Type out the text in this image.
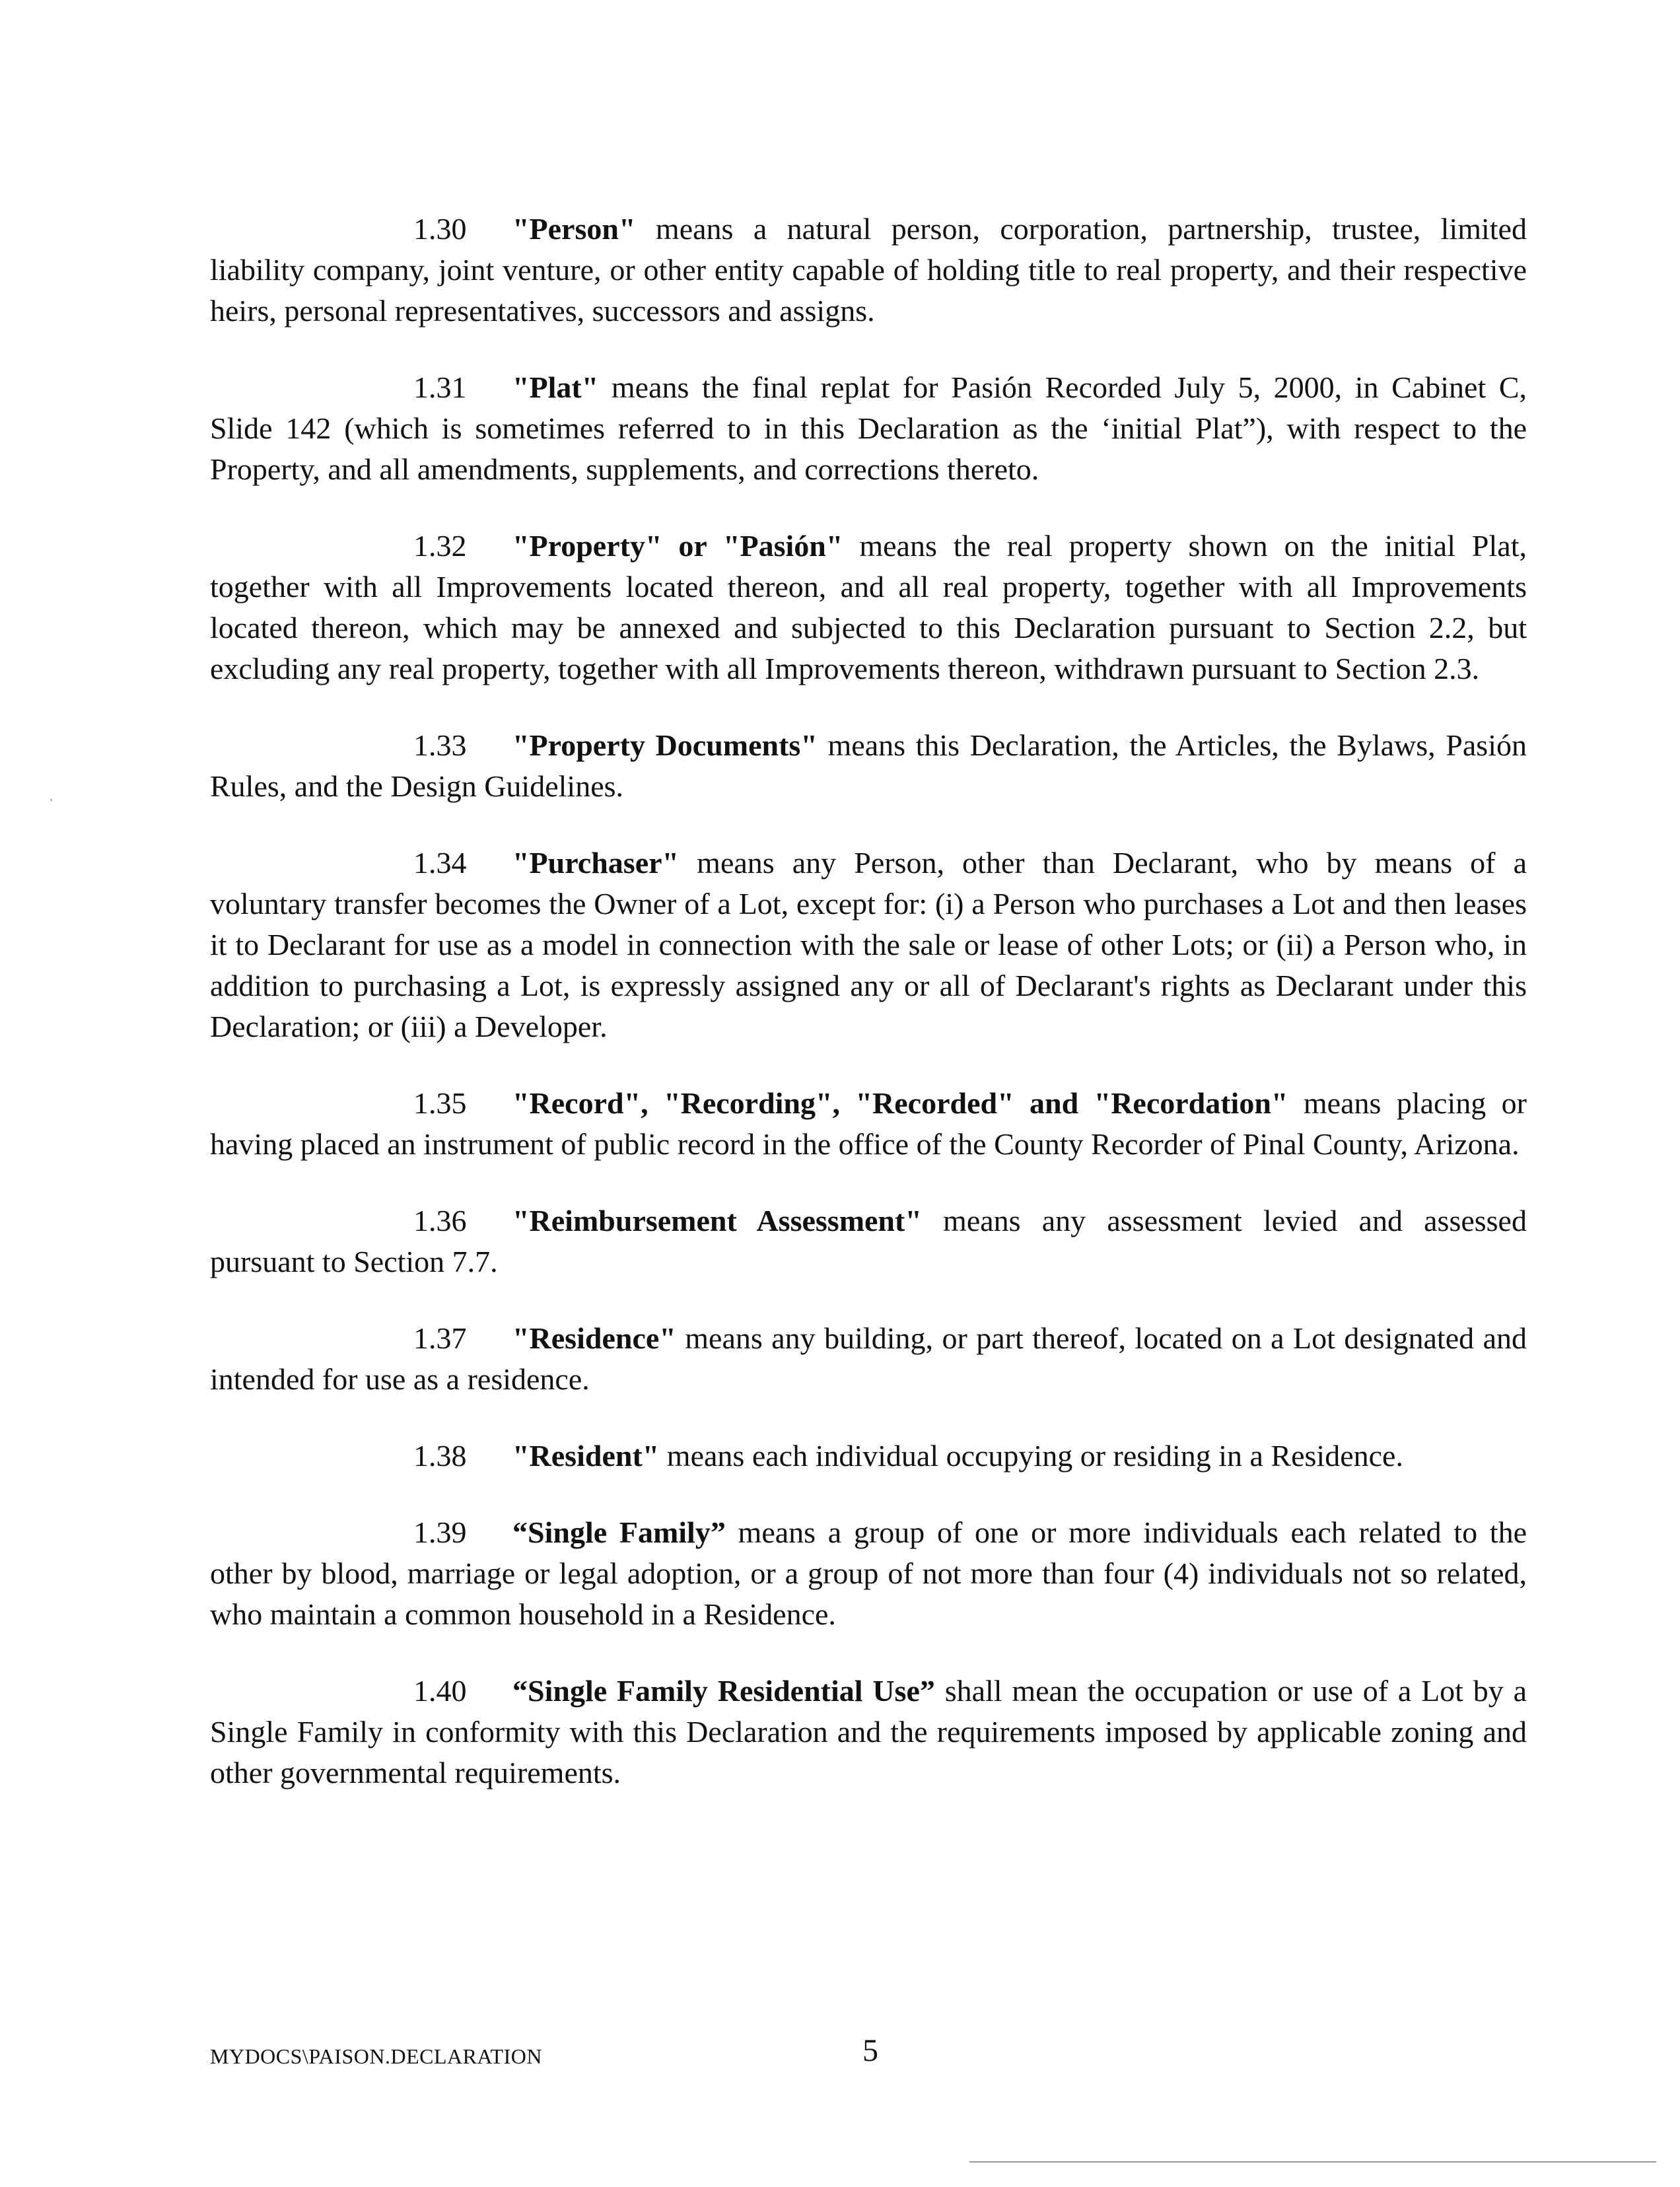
1.30 "Person" means a natural person, corporation, partnership, trustee, limited liability company, joint venture, or other entity capable of holding title to real property, and their respective heirs, personal representatives, successors and assigns.

1.31 "Plat" means the final replat for Pasión Recorded July 5, 2000, in Cabinet C, Slide 142 (which is sometimes referred to in this Declaration as the ‘initial Plat”), with respect to the Property, and all amendments, supplements, and corrections thereto.

1.32 "Property" or "Pasión" means the real property shown on the initial Plat, together with all Improvements located thereon, and all real property, together with all Improvements located thereon, which may be annexed and subjected to this Declaration pursuant to Section 2.2, but excluding any real property, together with all Improvements thereon, withdrawn pursuant to Section 2.3.

1.33 "Property Documents" means this Declaration, the Articles, the Bylaws, Pasión Rules, and the Design Guidelines.

1.34 "Purchaser" means any Person, other than Declarant, who by means of a voluntary transfer becomes the Owner of a Lot, except for: (i) a Person who purchases a Lot and then leases it to Declarant for use as a model in connection with the sale or lease of other Lots; or (ii) a Person who, in addition to purchasing a Lot, is expressly assigned any or all of Declarant's rights as Declarant under this Declaration; or (iii) a Developer.

1.35 "Record", "Recording", "Recorded" and "Recordation" means placing or having placed an instrument of public record in the office of the County Recorder of Pinal County, Arizona.

1.36 "Reimbursement Assessment" means any assessment levied and assessed pursuant to Section 7.7.

1.37 "Residence" means any building, or part thereof, located on a Lot designated and intended for use as a residence.

1.38 "Resident" means each individual occupying or residing in a Residence.

1.39 “Single Family” means a group of one or more individuals each related to the other by blood, marriage or legal adoption, or a group of not more than four (4) individuals not so related, who maintain a common household in a Residence.

1.40 “Single Family Residential Use” shall mean the occupation or use of a Lot by a Single Family in conformity with this Declaration and the requirements imposed by applicable zoning and other governmental requirements.

MYDOCS\PAISON.DECLARATION	5
